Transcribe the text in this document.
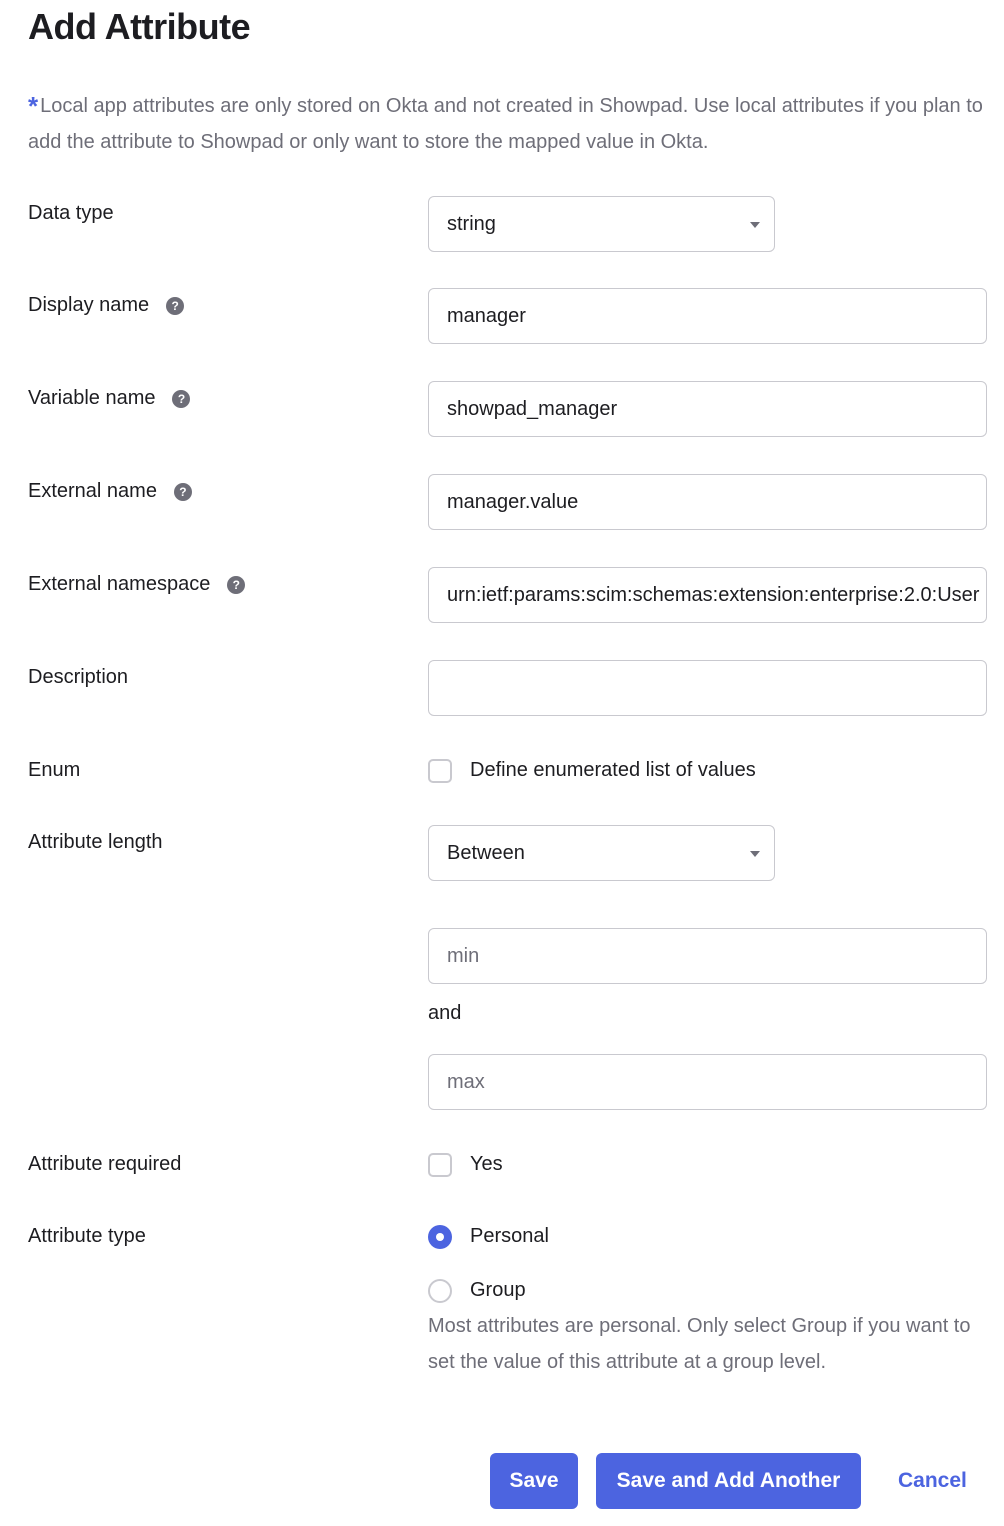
Add Attribute
* Local app attributes are only stored on Okta and not created in Showpad. Use local attributes if you plan to add the attribute to Showpad or only want to store the mapped value in Okta.
Data type	string
Display name	?	manager
Variable name	?	showpad_manager
External name	?	manager.value
External namespace	?	urn:ietf:params:scim:schemas:extension:enterprise:2.0:User
Description
Enum	Define enumerated list of values
Attribute length	Between
min
and
max
Attribute required	Yes
Attribute type	Personal
Group
Most attributes are personal. Only select Group if you want to set the value of this attribute at a group level.
Save	Save and Add Another	Cancel
